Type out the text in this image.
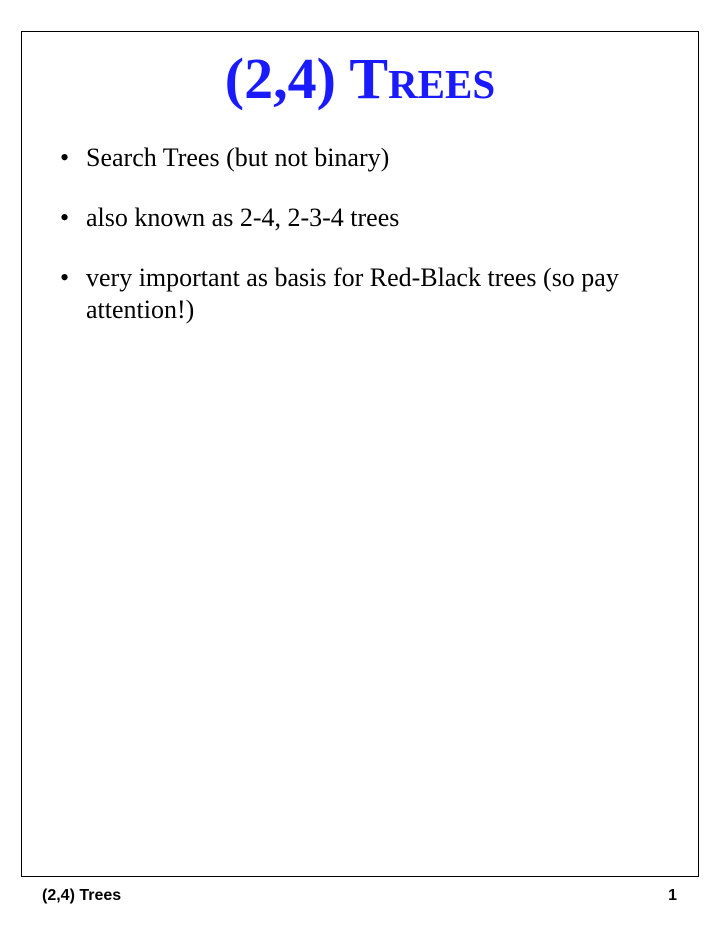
(2,4) Trees
• Search Trees (but not binary)
• also known as 2-4, 2-3-4 trees
• very important as basis for Red-Black trees (so pay attention!)
(2,4) Trees	1
